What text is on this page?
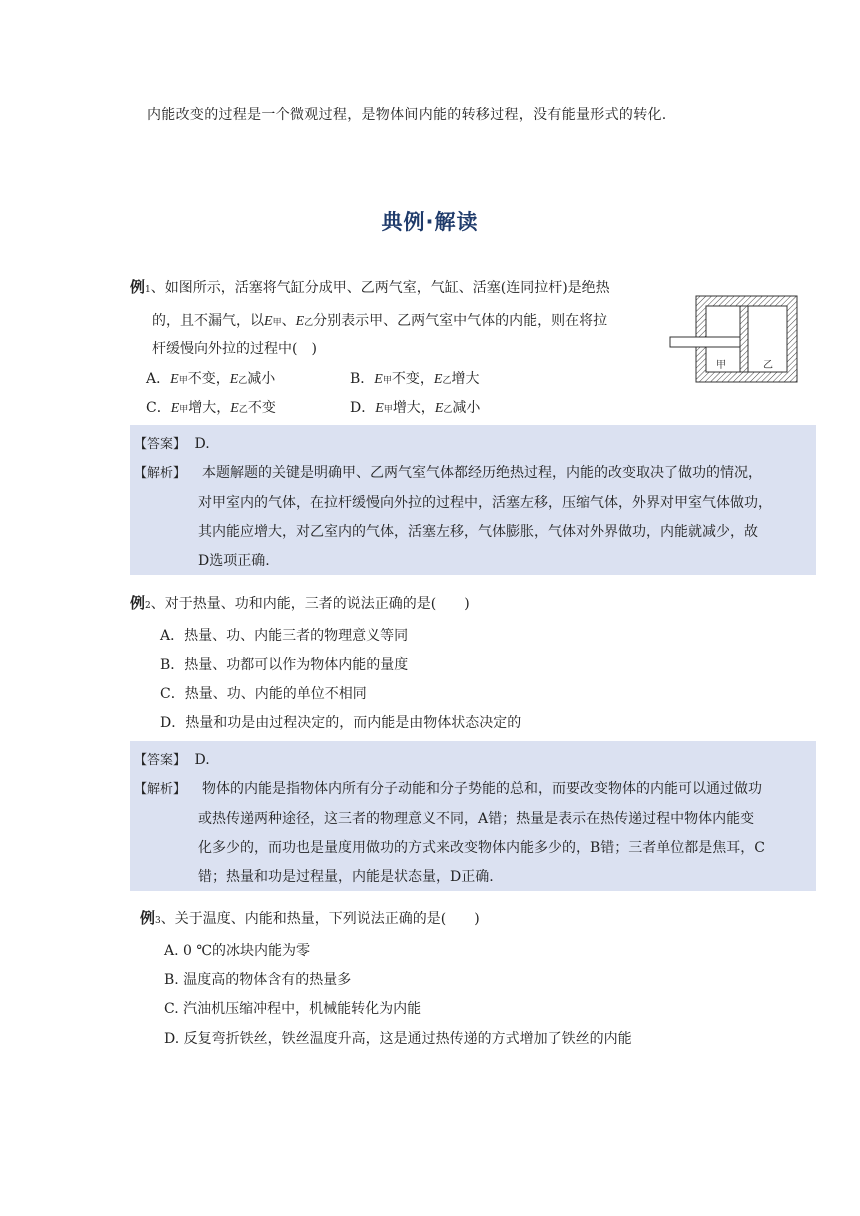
内能改变的过程是一个微观过程，是物体间内能的转移过程，没有能量形式的转化.
典例·解读
例1、如图所示，活塞将气缸分成甲、乙两气室，气缸、活塞(连同拉杆)是绝热
的，且不漏气，以E甲、E乙分别表示甲、乙两气室中气体的内能，则在将拉
杆缓慢向外拉的过程中(　)
A．E甲不变，E乙减小	B．E甲不变，E乙增大
C．E甲增大，E乙不变	D．E甲增大，E乙减小
甲	乙
【答案】 D.
【解析】 本题解题的关键是明确甲、乙两气室气体都经历绝热过程，内能的改变取决了做功的情况，
对甲室内的气体，在拉杆缓慢向外拉的过程中，活塞左移，压缩气体，外界对甲室气体做功，
其内能应增大，对乙室内的气体，活塞左移，气体膨胀，气体对外界做功，内能就减少，故
D选项正确.
例2、对于热量、功和内能，三者的说法正确的是(　　)
A．热量、功、内能三者的物理意义等同
B．热量、功都可以作为物体内能的量度
C．热量、功、内能的单位不相同
D．热量和功是由过程决定的，而内能是由物体状态决定的
【答案】 D.
【解析】 物体的内能是指物体内所有分子动能和分子势能的总和，而要改变物体的内能可以通过做功
或热传递两种途径，这三者的物理意义不同，A错；热量是表示在热传递过程中物体内能变
化多少的，而功也是量度用做功的方式来改变物体内能多少的，B错；三者单位都是焦耳，C
错；热量和功是过程量，内能是状态量，D正确.
例3、关于温度、内能和热量，下列说法正确的是(　　)
A. 0 ℃的冰块内能为零
B. 温度高的物体含有的热量多
C. 汽油机压缩冲程中，机械能转化为内能
D. 反复弯折铁丝，铁丝温度升高，这是通过热传递的方式增加了铁丝的内能
